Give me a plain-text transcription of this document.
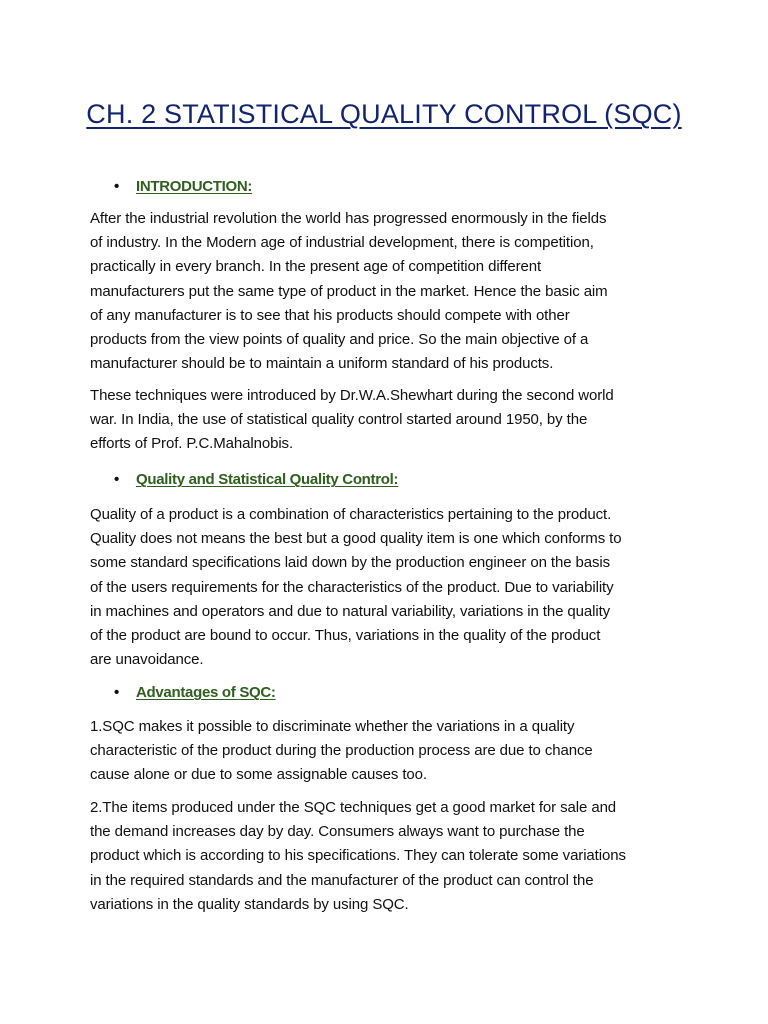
CH. 2 STATISTICAL QUALITY CONTROL (SQC)
• INTRODUCTION:
After the industrial revolution the world has progressed enormously in the fields
of industry. In the Modern age of industrial development, there is competition,
practically in every branch. In the present age of competition different
manufacturers put the same type of product in the market. Hence the basic aim
of any manufacturer is to see that his products should compete with other
products from the view points of quality and price. So the main objective of a
manufacturer should be to maintain a uniform standard of his products.
These techniques were introduced by Dr.W.A.Shewhart during the second world
war. In India, the use of statistical quality control started around 1950, by the
efforts of Prof. P.C.Mahalnobis.
• Quality and Statistical Quality Control:
Quality of a product is a combination of characteristics pertaining to the product.
Quality does not means the best but a good quality item is one which conforms to
some standard specifications laid down by the production engineer on the basis
of the users requirements for the characteristics of the product. Due to variability
in machines and operators and due to natural variability, variations in the quality
of the product are bound to occur. Thus, variations in the quality of the product
are unavoidance.
• Advantages of SQC:
1.SQC makes it possible to discriminate whether the variations in a quality
characteristic of the product during the production process are due to chance
cause alone or due to some assignable causes too.
2.The items produced under the SQC techniques get a good market for sale and
the demand increases day by day. Consumers always want to purchase the
product which is according to his specifications. They can tolerate some variations
in the required standards and the manufacturer of the product can control the
variations in the quality standards by using SQC.
